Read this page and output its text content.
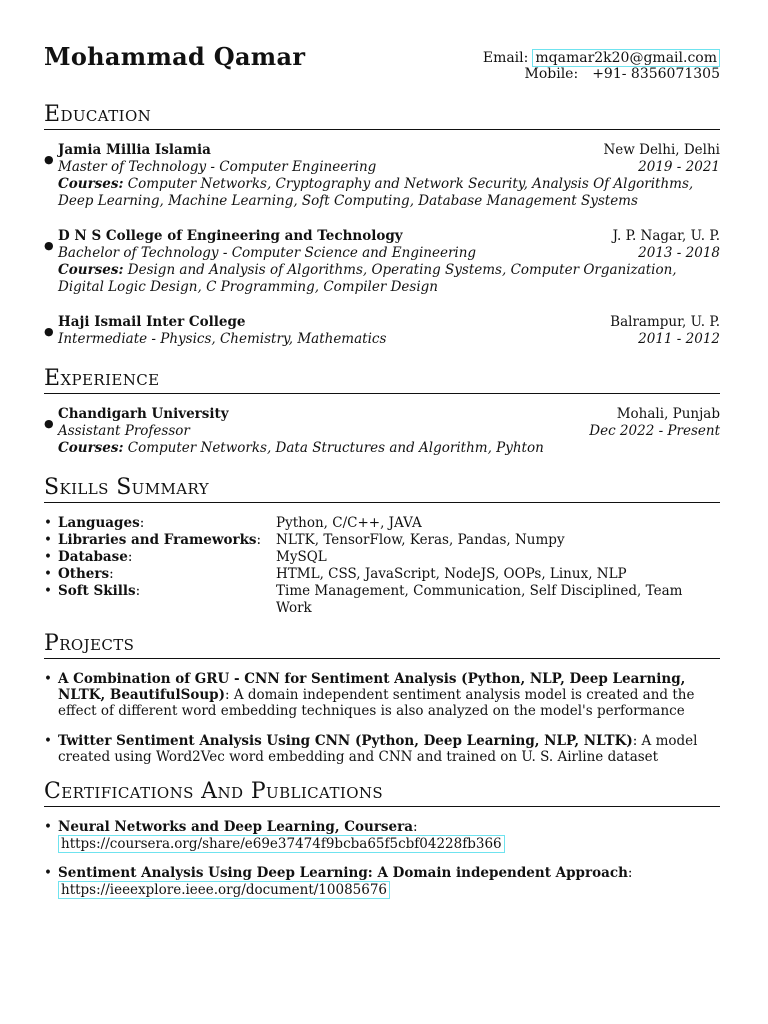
Mohammad Qamar	Email: mqamar2k20@gmail.com
Mobile: +91- 8356071305
Education
●
Jamia Millia Islamia	New Delhi, Delhi
Master of Technology - Computer Engineering	2019 - 2021
Courses: Computer Networks, Cryptography and Network Security, Analysis Of Algorithms, Deep Learning, Machine Learning, Soft Computing, Database Management Systems
●
D N S College of Engineering and Technology	J. P. Nagar, U. P.
Bachelor of Technology - Computer Science and Engineering	2013 - 2018
Courses: Design and Analysis of Algorithms, Operating Systems, Computer Organization, Digital Logic Design, C Programming, Compiler Design
●
Haji Ismail Inter College	Balrampur, U. P.
Intermediate - Physics, Chemistry, Mathematics	2011 - 2012
Experience
●
Chandigarh University	Mohali, Punjab
Assistant Professor	Dec 2022 - Present
Courses: Computer Networks, Data Structures and Algorithm, Pyhton
Skills Summary
• Languages:	Python, C/C++, JAVA
• Libraries and Frameworks:	NLTK, TensorFlow, Keras, Pandas, Numpy
• Database:	MySQL
• Others:	HTML, CSS, JavaScript, NodeJS, OOPs, Linux, NLP
• Soft Skills:	Time Management, Communication, Self Disciplined, Team Work
Projects
• A Combination of GRU - CNN for Sentiment Analysis (Python, NLP, Deep Learning, NLTK, BeautifulSoup): A domain independent sentiment analysis model is created and the effect of different word embedding techniques is also analyzed on the model's performance
• Twitter Sentiment Analysis Using CNN (Python, Deep Learning, NLP, NLTK): A model created using Word2Vec word embedding and CNN and trained on U. S. Airline dataset
Certifications And Publications
• Neural Networks and Deep Learning, Coursera:
https://coursera.org/share/e69e37474f9bcba65f5cbf04228fb366
• Sentiment Analysis Using Deep Learning: A Domain independent Approach:
https://ieeexplore.ieee.org/document/10085676
